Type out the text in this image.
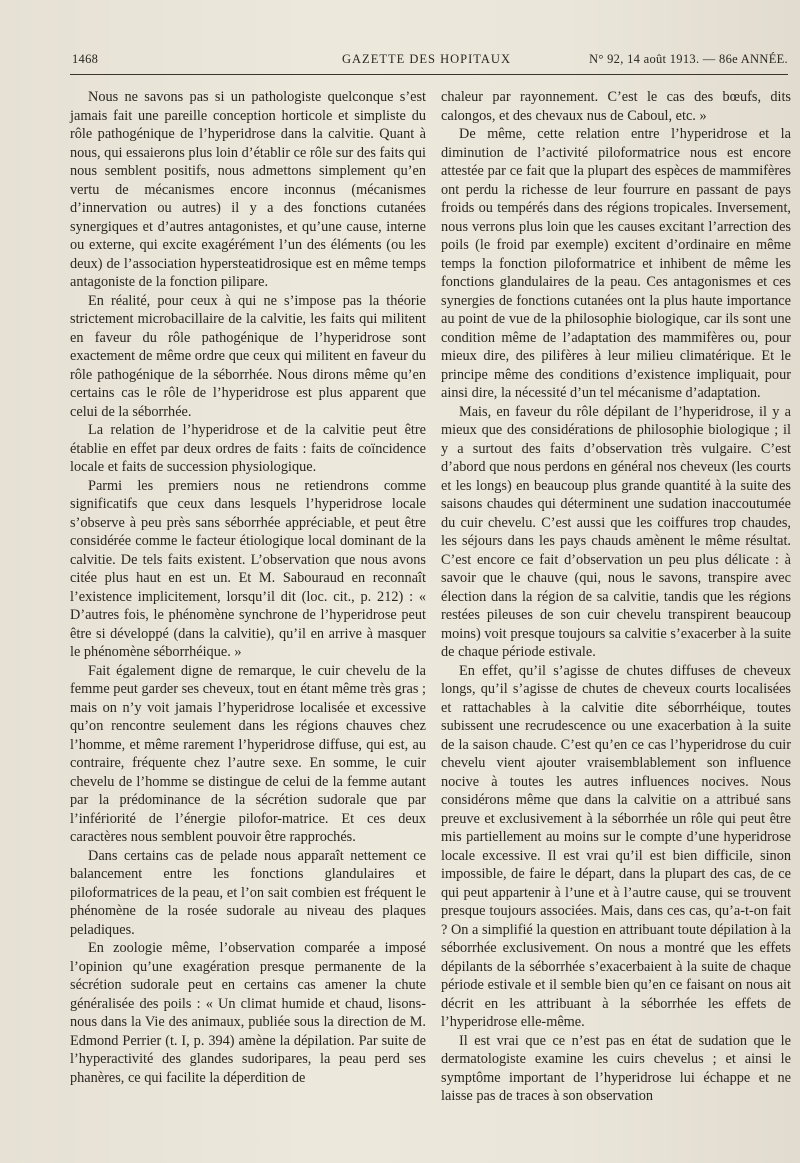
1468	GAZETTE DES HOPITAUX	N° 92, 14 août 1913. — 86e ANNÉE.

Nous ne savons pas si un pathologiste quelconque s’est jamais fait une pareille conception horticole et simpliste du rôle pathogénique de l’hyperidrose dans la calvitie. Quant à nous, qui essaierons plus loin d’établir ce rôle sur des faits qui nous semblent positifs, nous admettons simplement qu’en vertu de mécanismes encore inconnus (mécanismes d’innervation ou autres) il y a des fonctions cutanées synergiques et d’autres antagonistes, et qu’une cause, interne ou externe, qui excite exagérément l’un des éléments (ou les deux) de l’association hypersteatidrosique est en même temps antagoniste de la fonction pilipare.

En réalité, pour ceux à qui ne s’impose pas la théorie strictement microbacillaire de la calvitie, les faits qui militent en faveur du rôle pathogénique de l’hyperidrose sont exactement de même ordre que ceux qui militent en faveur du rôle pathogénique de la séborrhée. Nous dirons même qu’en certains cas le rôle de l’hyperidrose est plus apparent que celui de la séborrhée.

La relation de l’hyperidrose et de la calvitie peut être établie en effet par deux ordres de faits : faits de coïncidence locale et faits de succession physiologique.

Parmi les premiers nous ne retiendrons comme significatifs que ceux dans lesquels l’hyperidrose locale s’observe à peu près sans séborrhée appréciable, et peut être considérée comme le facteur étiologique local dominant de la calvitie. De tels faits existent. L’observation que nous avons citée plus haut en est un. Et M. Sabouraud en reconnaît l’existence implicitement, lorsqu’il dit (loc. cit., p. 212) : « D’autres fois, le phénomène synchrone de l’hyperidrose peut être si développé (dans la calvitie), qu’il en arrive à masquer le phénomène séborrhéique. »

Fait également digne de remarque, le cuir chevelu de la femme peut garder ses cheveux, tout en étant même très gras ; mais on n’y voit jamais l’hyperidrose localisée et excessive qu’on rencontre seulement dans les régions chauves chez l’homme, et même rarement l’hyperidrose diffuse, qui est, au contraire, fréquente chez l’autre sexe. En somme, le cuir chevelu de l’homme se distingue de celui de la femme autant par la prédominance de la sécrétion sudorale que par l’infériorité de l’énergie pilofor-matrice. Et ces deux caractères nous semblent pouvoir être rapprochés.

Dans certains cas de pelade nous apparaît nettement ce balancement entre les fonctions glandulaires et piloformatrices de la peau, et l’on sait combien est fréquent le phénomène de la rosée sudorale au niveau des plaques peladiques.

En zoologie même, l’observation comparée a imposé l’opinion qu’une exagération presque permanente de la sécrétion sudorale peut en certains cas amener la chute généralisée des poils : « Un climat humide et chaud, lisons-nous dans la Vie des animaux, publiée sous la direction de M. Edmond Perrier (t. I, p. 394) amène la dépilation. Par suite de l’hyperactivité des glandes sudoripares, la peau perd ses phanères, ce qui facilite la déperdition de

chaleur par rayonnement. C’est le cas des bœufs, dits calongos, et des chevaux nus de Caboul, etc. »

De même, cette relation entre l’hyperidrose et la diminution de l’activité piloformatrice nous est encore attestée par ce fait que la plupart des espèces de mammifères ont perdu la richesse de leur fourrure en passant de pays froids ou tempérés dans des régions tropicales. Inversement, nous verrons plus loin que les causes excitant l’arrection des poils (le froid par exemple) excitent d’ordinaire en même temps la fonction piloformatrice et inhibent de même les fonctions glandulaires de la peau. Ces antagonismes et ces synergies de fonctions cutanées ont la plus haute importance au point de vue de la philosophie biologique, car ils sont une condition même de l’adaptation des mammifères ou, pour mieux dire, des pilifères à leur milieu climatérique. Et le principe même des conditions d’existence impliquait, pour ainsi dire, la nécessité d’un tel mécanisme d’adaptation.

Mais, en faveur du rôle dépilant de l’hyperidrose, il y a mieux que des considérations de philosophie biologique ; il y a surtout des faits d’observation très vulgaire. C’est d’abord que nous perdons en général nos cheveux (les courts et les longs) en beaucoup plus grande quantité à la suite des saisons chaudes qui déterminent une sudation inaccoutumée du cuir chevelu. C’est aussi que les coiffures trop chaudes, les séjours dans les pays chauds amènent le même résultat. C’est encore ce fait d’observation un peu plus délicate : à savoir que le chauve (qui, nous le savons, transpire avec élection dans la région de sa calvitie, tandis que les régions restées pileuses de son cuir chevelu transpirent beaucoup moins) voit presque toujours sa calvitie s’exacerber à la suite de chaque période estivale.

En effet, qu’il s’agisse de chutes diffuses de cheveux longs, qu’il s’agisse de chutes de cheveux courts localisées et rattachables à la calvitie dite séborrhéique, toutes subissent une recrudescence ou une exacerbation à la suite de la saison chaude. C’est qu’en ce cas l’hyperidrose du cuir chevelu vient ajouter vraisemblablement son influence nocive à toutes les autres influences nocives. Nous considérons même que dans la calvitie on a attribué sans preuve et exclusivement à la séborrhée un rôle qui peut être mis partiellement au moins sur le compte d’une hyperidrose locale excessive. Il est vrai qu’il est bien difficile, sinon impossible, de faire le départ, dans la plupart des cas, de ce qui peut appartenir à l’une et à l’autre cause, qui se trouvent presque toujours associées. Mais, dans ces cas, qu’a-t-on fait ? On a simplifié la question en attribuant toute dépilation à la séborrhée exclusivement. On nous a montré que les effets dépilants de la séborrhée s’exacerbaient à la suite de chaque période estivale et il semble bien qu’en ce faisant on nous ait décrit en les attribuant à la séborrhée les effets de l’hyperidrose elle-même.

Il est vrai que ce n’est pas en état de sudation que le dermatologiste examine les cuirs chevelus ; et ainsi le symptôme important de l’hyperidrose lui échappe et ne laisse pas de traces à son observation
